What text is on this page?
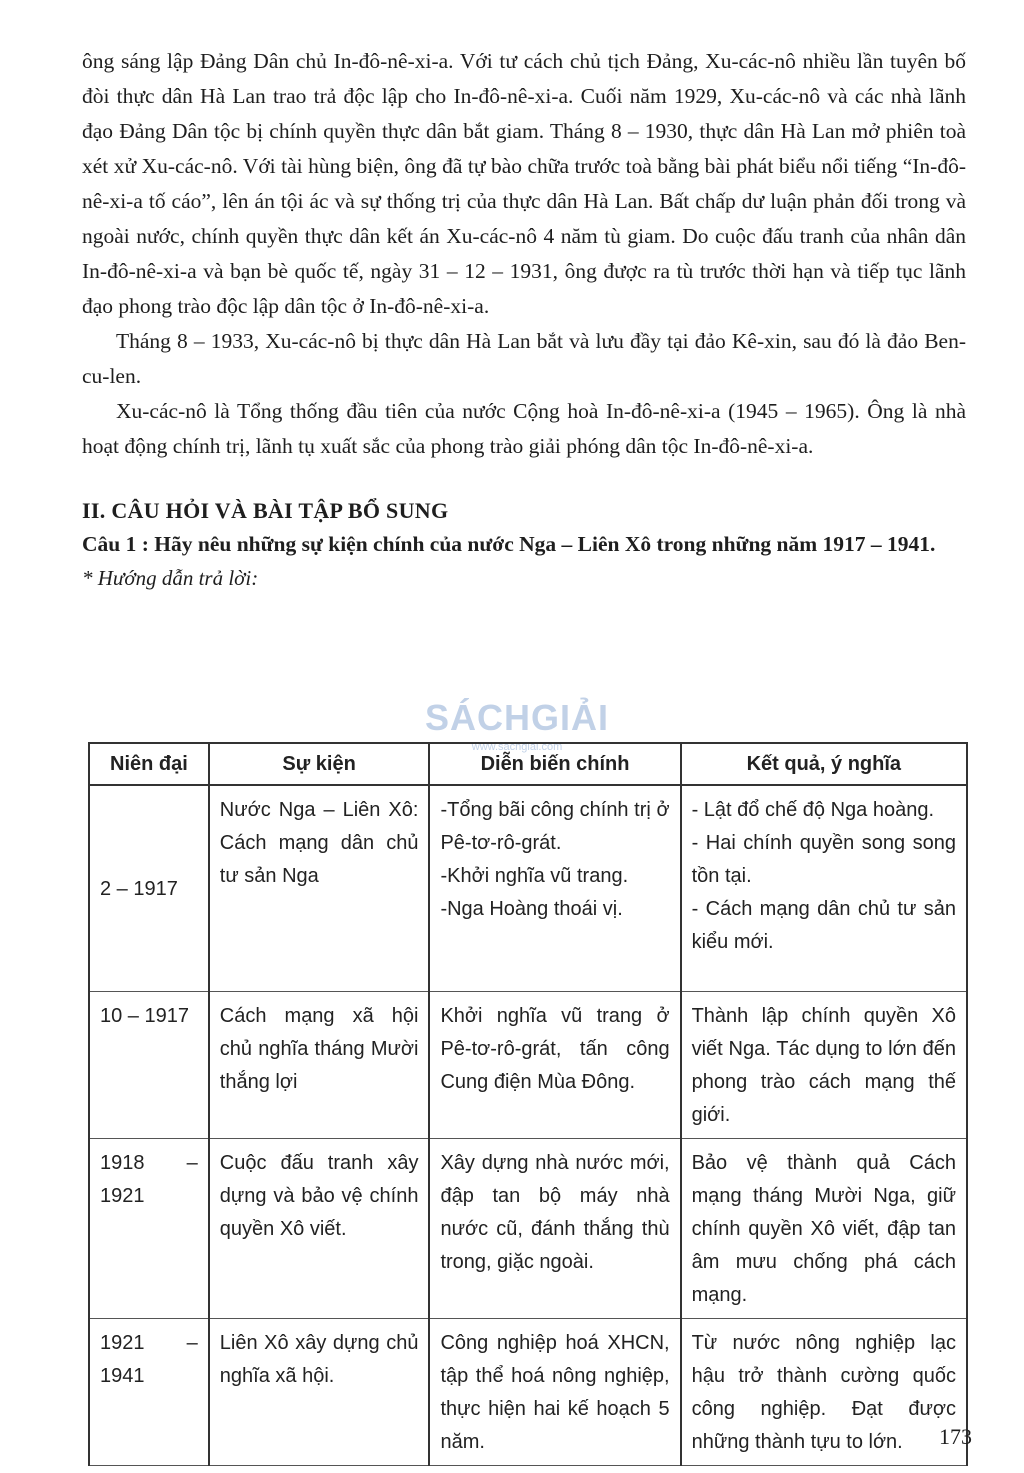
ông sáng lập Đảng Dân chủ In-đô-nê-xi-a. Với tư cách chủ tịch Đảng, Xu-các-nô nhiều lần tuyên bố đòi thực dân Hà Lan trao trả độc lập cho In-đô-nê-xi-a. Cuối năm 1929, Xu-các-nô và các nhà lãnh đạo Đảng Dân tộc bị chính quyền thực dân bắt giam. Tháng 8 – 1930, thực dân Hà Lan mở phiên toà xét xử Xu-các-nô. Với tài hùng biện, ông đã tự bào chữa trước toà bằng bài phát biểu nổi tiếng “In-đô-nê-xi-a tố cáo”, lên án tội ác và sự thống trị của thực dân Hà Lan. Bất chấp dư luận phản đối trong và ngoài nước, chính quyền thực dân kết án Xu-các-nô 4 năm tù giam. Do cuộc đấu tranh của nhân dân In-đô-nê-xi-a và bạn bè quốc tế, ngày 31 – 12 – 1931, ông được ra tù trước thời hạn và tiếp tục lãnh đạo phong trào độc lập dân tộc ở In-đô-nê-xi-a.

Tháng 8 – 1933, Xu-các-nô bị thực dân Hà Lan bắt và lưu đầy tại đảo Kê-xin, sau đó là đảo Ben-cu-len.

Xu-các-nô là Tổng thống đầu tiên của nước Cộng hoà In-đô-nê-xi-a (1945 – 1965). Ông là nhà hoạt động chính trị, lãnh tụ xuất sắc của phong trào giải phóng dân tộc In-đô-nê-xi-a.

II. CÂU HỎI VÀ BÀI TẬP BỔ SUNG

Câu 1 : Hãy nêu những sự kiện chính của nước Nga – Liên Xô trong những năm 1917 – 1941.

* Hướng dẫn trả lời:

SÁCHGIẢI
www.sachgiai.com
Niên đại	Sự kiện	Diễn biến chính	Kết quả, ý nghĩa
2 – 1917	Nước Nga – Liên Xô: Cách mạng dân chủ tư sản Nga	-Tổng bãi công chính trị ở Pê-tơ-rô-grát.
-Khởi nghĩa vũ trang.
-Nga Hoàng thoái vị.	- Lật đổ chế độ Nga hoàng.
- Hai chính quyền song song tồn tại.
- Cách mạng dân chủ tư sản kiểu mới.

10 – 1917	Cách mạng xã hội chủ nghĩa tháng Mười thắng lợi	Khởi nghĩa vũ trang ở Pê-tơ-rô-grát, tấn công Cung điện Mùa Đông.	Thành lập chính quyền Xô viết Nga. Tác dụng to lớn đến phong trào cách mạng thế giới.
1918 – 1921	Cuộc đấu tranh xây dựng và bảo vệ chính quyền Xô viết.	Xây dựng nhà nước mới, đập tan bộ máy nhà nước cũ, đánh thắng thù trong, giặc ngoài.	Bảo vệ thành quả Cách mạng tháng Mười Nga, giữ chính quyền Xô viết, đập tan âm mưu chống phá cách mạng.
1921 – 1941	Liên Xô xây dựng chủ nghĩa xã hội.	Công nghiệp hoá XHCN, tập thể hoá nông nghiệp, thực hiện hai kế hoạch 5 năm.	Từ nước nông nghiệp lạc hậu trở thành cường quốc công nghiệp. Đạt được những thành tựu to lớn. 173
